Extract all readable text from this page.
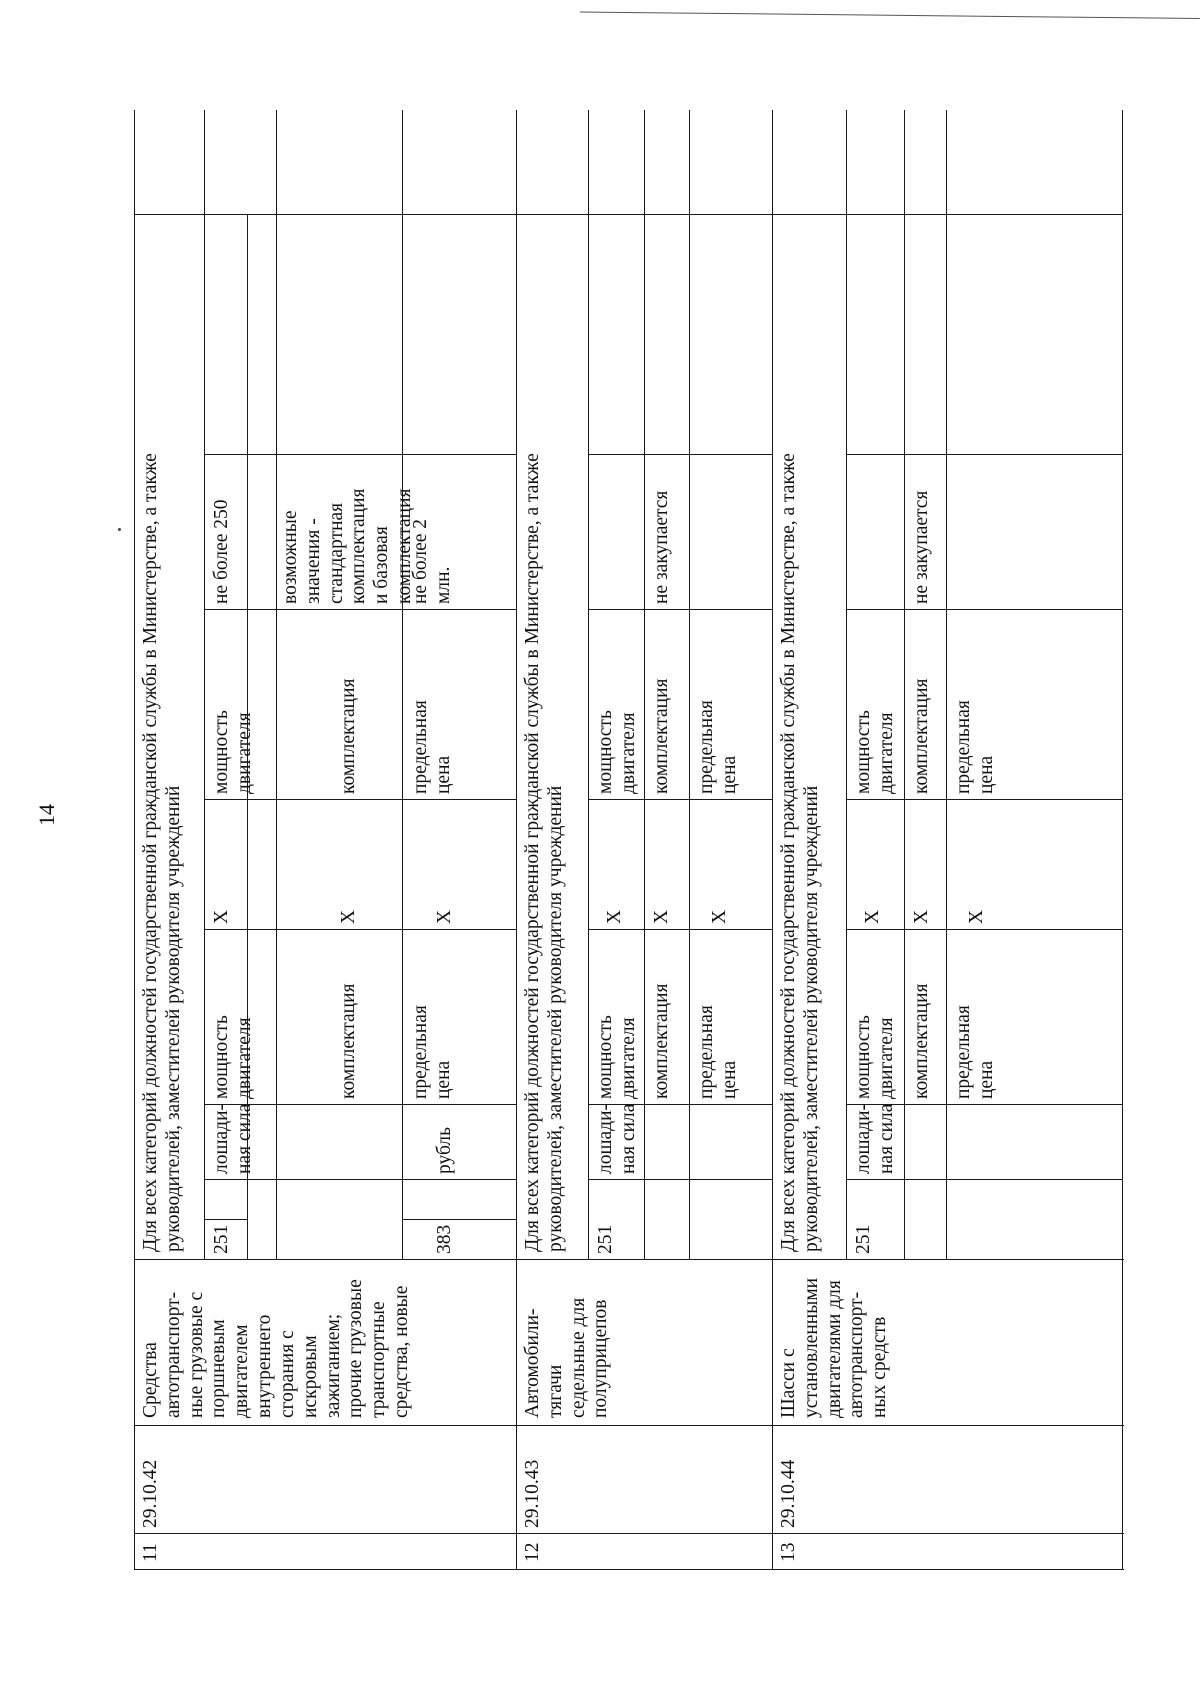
14
11
29.10.42
Средства
автотранспорт-
ные грузовые с
поршневым
двигателем
внутреннего
сгорания с
искровым
зажиганием;
прочие грузовые
транспортные
средства, новые
Для всех категорий должностей государственной гражданской службы в Министерстве, а также
руководителей, заместителей руководителя учреждений
251
лошади-
ная сила
мощность
двигателя
X
мощность
двигателя
не более 250
комплектация
X
комплектация
возможные
значения -
стандартная
комплектация
и базовая
комплектация
383
рубль
предельная
цена
X
предельная
цена
не более 2
млн.
12
29.10.43
Автомобили-
тягачи
седельные для
полуприцепов
Для всех категорий должностей государственной гражданской службы в Министерстве, а также
руководителей, заместителей руководителя учреждений
251
лошади-
ная сила
мощность
двигателя
X
мощность
двигателя
комплектация
X
комплектация
предельная
цена
X
предельная
цена
не закупается
13
29.10.44
Шасси с
установленными
двигателями для
автотранспорт-
ных средств
Для всех категорий должностей государственной гражданской службы в Министерстве, а также
руководителей, заместителей руководителя учреждений
251
лошади-
ная сила
мощность
двигателя
X
мощность
двигателя
комплектация
X
комплектация
предельная
цена
X
предельная
цена
не закупается
